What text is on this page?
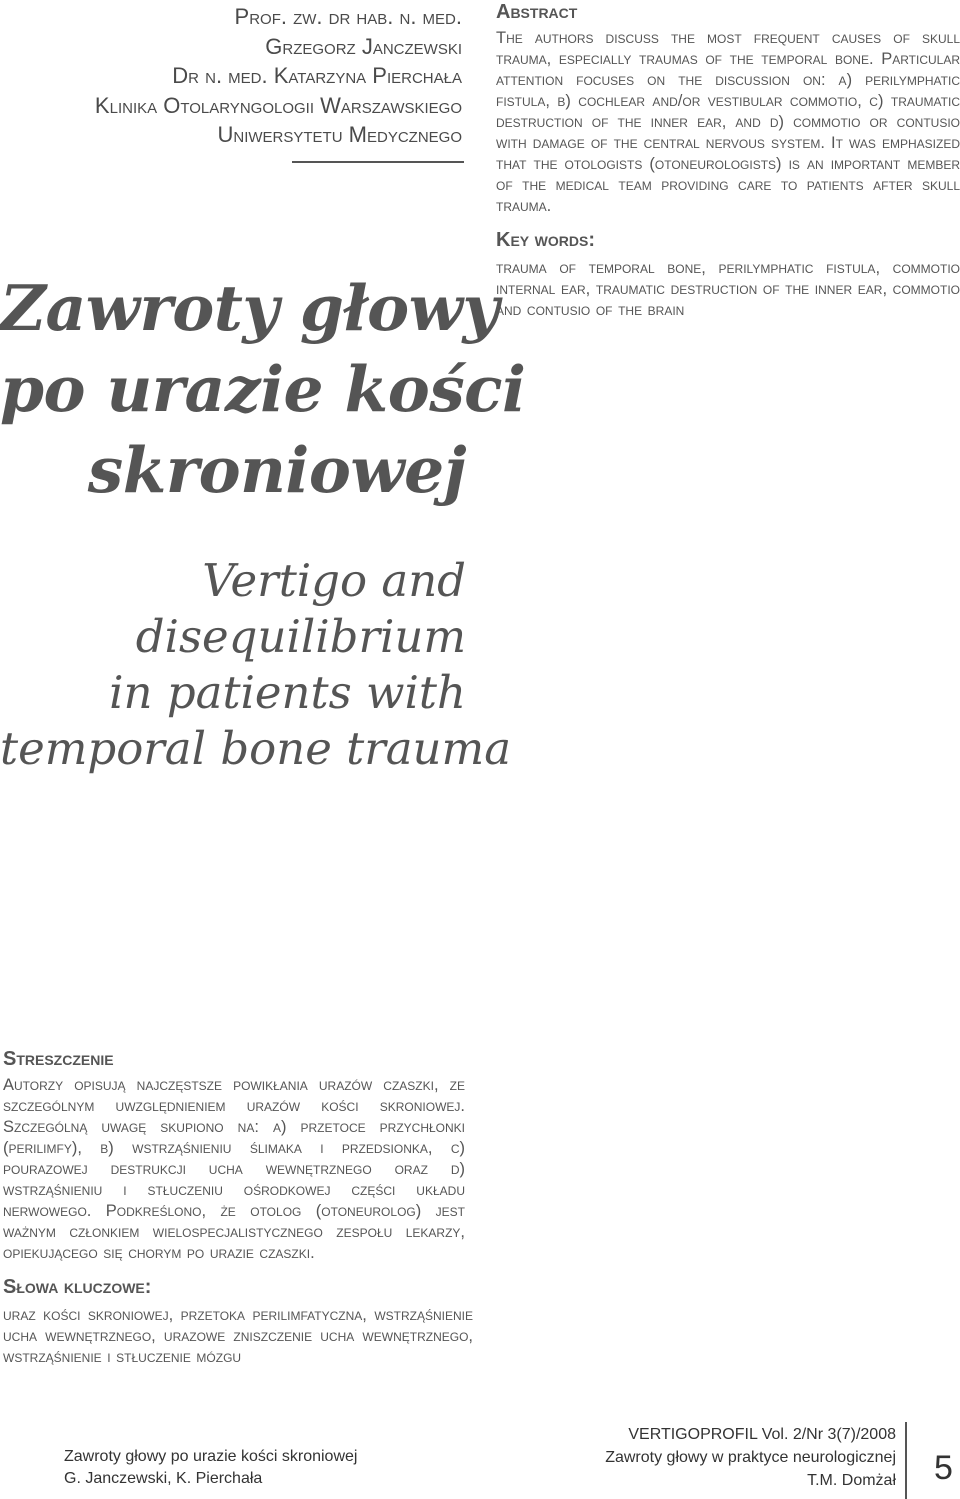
Prof. zw. dr hab. n. med.
Grzegorz Janczewski
Dr n. med. Katarzyna Pierchała
Klinika Otolaryngologii Warszawskiego
Uniwersytetu Medycznego
Zawroty głowy
po urazie kości
skroniowej
Vertigo and
disequilibrium
in patients with
temporal bone trauma
Abstract
The authors discuss the most frequent causes of skull trauma, especially traumas of the temporal bone. Particular attention focuses on the discussion on: a) perilymphatic fistula, b) cochlear and/or vestibular commotio, c) traumatic destruction of the inner ear, and d) commotio or contusio with damage of the central nervous system. It was emphasized that the otologists (otoneurologists) is an important member of the medical team providing care to patients after skull trauma.
Key words:
trauma of temporal bone, perilymphatic fistula, commotio internal ear, traumatic destruction of the inner ear, commotio and contusio of the brain
Streszczenie
Autorzy opisują najczęstsze powikłania urazów czaszki, ze szczególnym uwzględnieniem urazów kości skroniowej. Szczególną uwagę skupiono na: a) przetoce przychłonki (perilimfy), b) wstrząśnieniu ślimaka i przedsionka, c) pourazowej destrukcji ucha wewnętrznego oraz d) wstrząśnieniu i stłuczeniu ośrodkowej części układu nerwowego. Podkreślono, że otolog (otoneurolog) jest ważnym członkiem wielospecjalistycznego zespołu lekarzy, opiekującego się chorym po urazie czaszki.
Słowa kluczowe:
uraz kości skroniowej, przetoka perilimfatyczna, wstrząśnienie ucha wewnętrznego, urazowe zniszczenie ucha wewnętrznego, wstrząśnienie i stłuczenie mózgu
Zawroty głowy po urazie kości skroniowej
G. Janczewski, K. Pierchała
VERTIGOPROFIL Vol. 2/Nr 3(7)/2008
Zawroty głowy w praktyce neurologicznej
T.M. Domżał 5
